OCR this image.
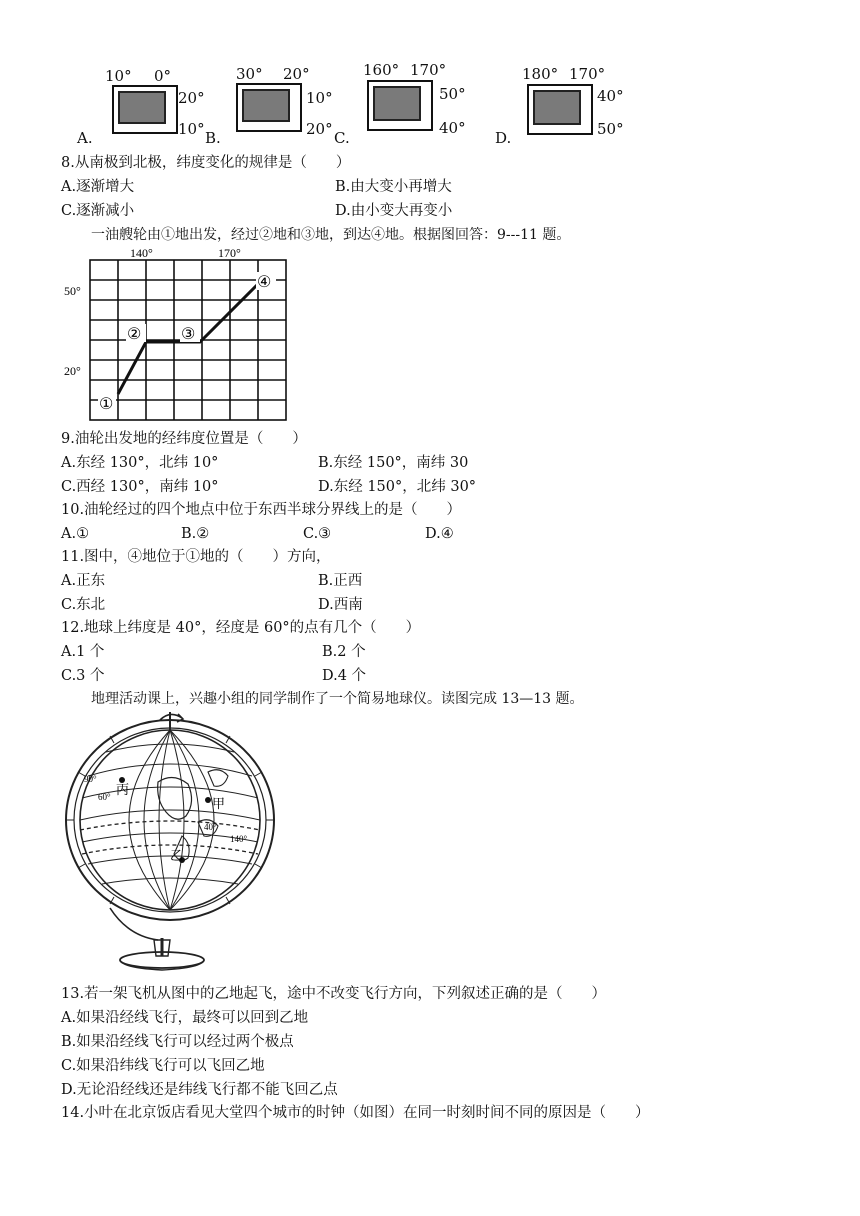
10° 0°
20°
10°
A.
30° 20°
10°
20°
B.
160° 170°
50°
40°
C.
180° 170°
40°
50°
D.
8.从南极到北极，纬度变化的规律是（　　）
A.逐渐增大	B.由大变小再增大
C.逐渐减小	D.由小变大再变小
一油艘轮由①地出发，经过②地和③地，到达④地。根据图回答：9---11 题。
140°	170°
50°
20°
①
② ③
④
9.油轮出发地的经纬度位置是（　　）
A.东经 130°，北纬 10°	B.东经 150°，南纬 30
C.西经 130°，南纬 10°	D.东经 150°，北纬 30°
10.油轮经过的四个地点中位于东西半球分界线上的是（　　）
A.①	B.②	C.③	D.④
11.图中，④地位于①地的（　　）方向，
A.正东	B.正西
C.东北	D.西南
12.地球上纬度是 40°，经度是 60°的点有几个（　　）
A.1 个	B.2 个
C.3 个	D.4 个
地理活动课上，兴趣小组的同学制作了一个简易地球仪。读图完成 13—13 题。
丙
甲
乙
60°
40°
90°
140°
13.若一架飞机从图中的乙地起飞，途中不改变飞行方向，下列叙述正确的是（　　）
A.如果沿经线飞行，最终可以回到乙地
B.如果沿经线飞行可以经过两个极点
C.如果沿纬线飞行可以飞回乙地
D.无论沿经线还是纬线飞行都不能飞回乙点
14.小叶在北京饭店看见大堂四个城市的时钟（如图）在同一时刻时间不同的原因是（　　）
